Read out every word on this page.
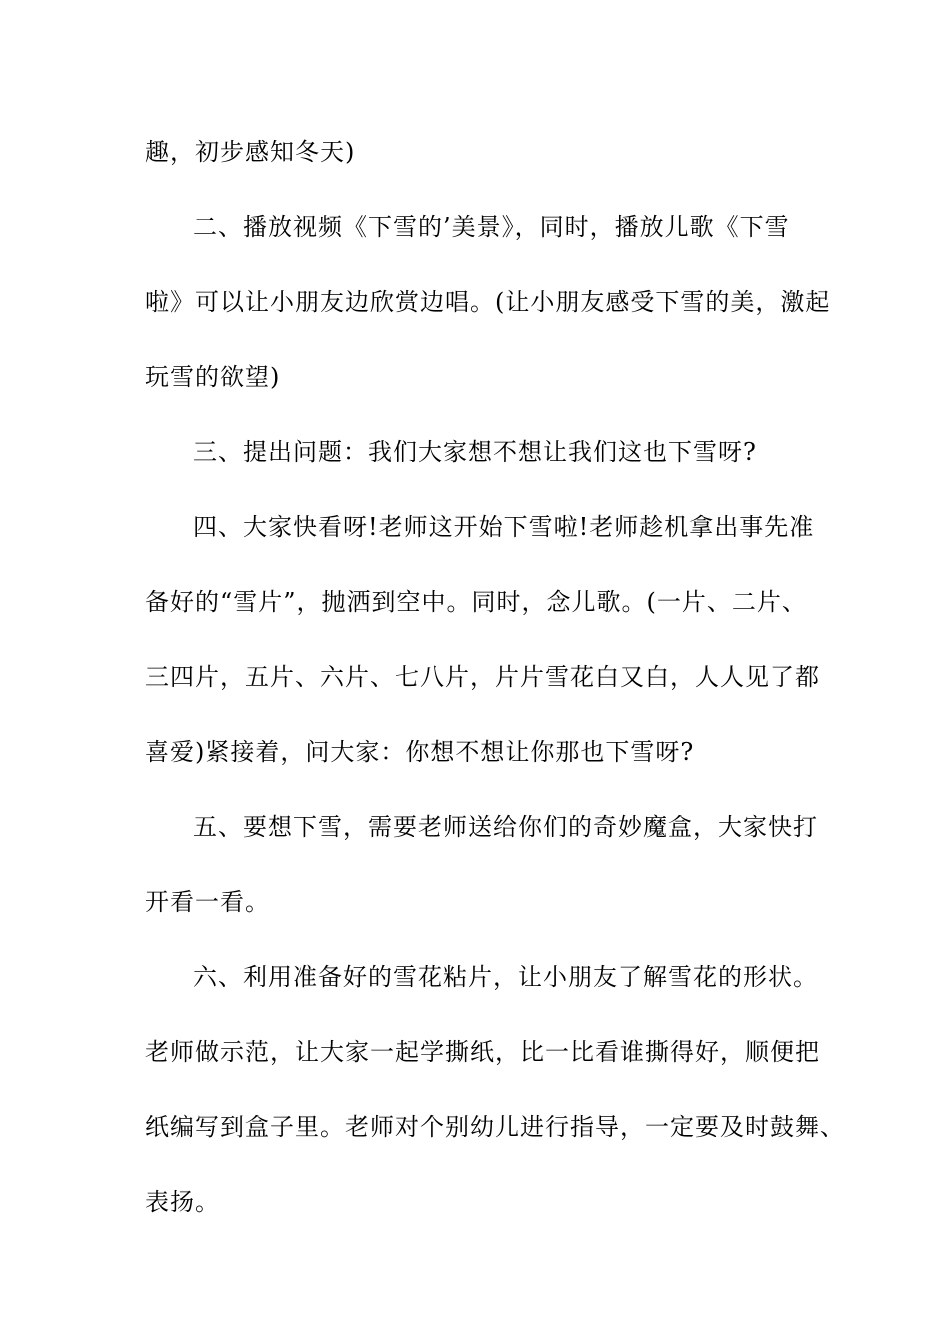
趣，初步感知冬天)
二、播放视频《下雪的’美景》，同时，播放儿歌《下雪
啦》可以让小朋友边欣赏边唱。(让小朋友感受下雪的美，激起
玩雪的欲望)
三、提出问题：我们大家想不想让我们这也下雪呀?
四、大家快看呀!老师这开始下雪啦!老师趁机拿出事先准
备好的“雪片”，抛洒到空中。同时，念儿歌。(一片、二片、
三四片，五片、六片、七八片，片片雪花白又白，人人见了都
喜爱)紧接着，问大家：你想不想让你那也下雪呀?
五、要想下雪，需要老师送给你们的奇妙魔盒，大家快打
开看一看。
六、利用准备好的雪花粘片，让小朋友了解雪花的形状。
老师做示范，让大家一起学撕纸，比一比看谁撕得好，顺便把
纸编写到盒子里。老师对个别幼儿进行指导，一定要及时鼓舞、
表扬。
